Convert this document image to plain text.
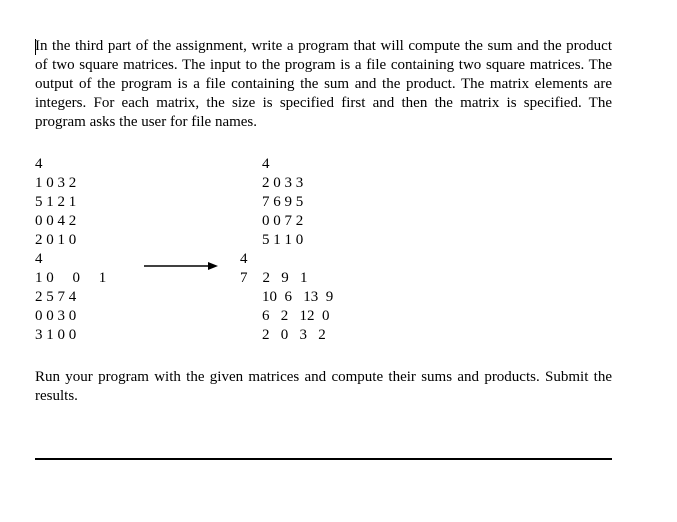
In the third part of the assignment, write a program that will compute the sum and the product of two square matrices. The input to the program is a file containing two square matrices. The output of the program is a file containing the sum and the product. The matrix elements are integers. For each matrix, the size is specified first and then the matrix is specified. The program asks the user for file names.
4
1 0 3 2
5 1 2 1
0 0 4 2
2 0 1 0
4
1 0     0     1
2 5 7 4
0 0 3 0
3 1 0 0
4
2 0 3 3
7 6 9 5
0 0 7 2
5 1 1 0
4
7    2   9   1
10  6   13  9
6   2   12  0
2   0   3   2
Run your program with the given matrices and compute their sums and products. Submit the results.
